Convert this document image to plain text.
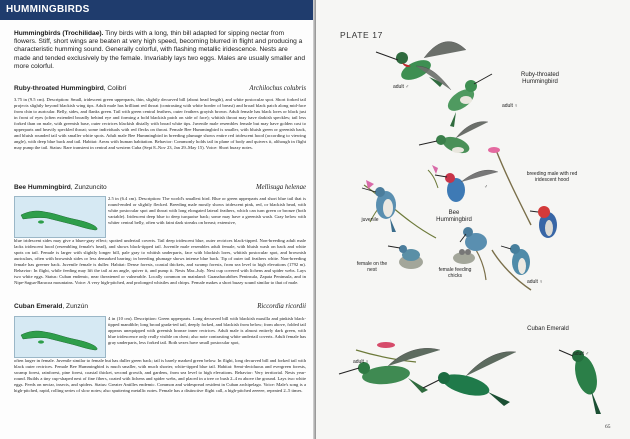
HUMMINGBIRDS
Hummingbirds (Trochilidae). Tiny birds with a long, thin bill adapted for sipping nectar from flowers. Stiff, short wings are beaten at very high speed, becoming blurred in flight and producing a characteristic humming sound. Generally colorful, with flashing metallic iridescence. Nests are made and tended exclusively by the female. Invariably lays two eggs. Males are usually smaller and more colorful.
Ruby-throated Hummingbird, Colibrí	Archilochus colubris
3.75 in (9.5 cm). Description: Small, iridescent green upperparts, thin, slightly decurved bill (about head length), and white postocular spot. Short forked tail projects slightly beyond blackish wing tips. Adult male has brilliant red throat (contrasting with white border of breast) and broad black patch along mid-face from chin to auricular. Belly, sides, and flanks green. Tail with green central feathers, outer feathers grayish brown. Adult female has black lores or black just in front of eyes (often extended broadly behind eye and forming a bold blackish patch on side of face); whitish throat may have darkish speckles; tail less forked than on male, with greenish base, outer rectrices blackish distally with broad white tips. Juvenile male resembles female but may have golden cast to upperparts and heavily speckled throat; some individuals with red flecks on throat. Female Bee Hummingbird is smaller, with bluish green or greenish back, and bluish rounded tail with smaller white spots. Adult male Bee Hummingbird in breeding plumage shows entire red iridescent hood (according to viewing angle), with deep blue back and tail. Habitat: Areas with human habitation. Behavior: Commonly holds tail in plane of body and quivers it, although in flight may pump the tail. Status: Rare transient in central and western Cuba (Sept 8–Nov 23, Jan 29–May 15). Voice: Short buzzy notes.
Bee Hummingbird, Zunzuncito	Mellisuga helenae
2.5 in (6.4 cm). Description: The world's smallest bird. Blue or green upperparts and short blue tail that is round-ended or slightly flecked. Breeding male mostly shows iridescent pink, red, or blackish head, with white postocular spot and throat with long elongated lateral feathers, which can turn green or bronze (both variable). Iridescent deep blue to deep turquoise back; some may have a greenish wash. Gray below with whiter central belly, often with faint dark streaks on breast; extensive,
blue iridescent sides may give a bluer-gray effect; spotted undertail coverts. Tail deep iridescent blue, outer rectrices black-tipped. Non-breeding adult male lacks iridescent hood (resembling female's head), and shows black-tipped tail. Juvenile male resembles adult female, with bluish wash on back and white spots on tail. Female is larger with slightly longer bill, pale gray to whitish underparts, face with blackish lores, whitish postocular spot, and brownish auriculars, often with brownish sides or less demarked barring; in breeding plumage shows intense blue back. Tip of outer tail feathers white. Non-breeding female has greener back. Juvenile female is duller. Habitat: Dense forests, coastal thickets, and swamp forests, from sea level to high elevations (1792 m). Behavior: In flight, while feeding may lift the tail at an angle, quiver it, and pump it. Nests Mar–July. Nest cup covered with lichens and spider webs. Lays two white eggs. Status: Cuban endemic, near threatened or vulnerable. Locally common on mainland: Guanahacabibes Peninsula, Zapata Peninsula, and in Nipe-Sagua-Baracoa mountains. Voice: A very high-pitched, and prolonged whistles and chirps. Female makes a short buzzy sound similar to that of male.
Cuban Emerald, Zunzún	Riccordia ricordii
4 in (10 cm). Description: Green upperparts. Long decurved bill with blackish maxilla and pinkish black-tipped mandible; long broad grada-ted tail, deeply forked, and blackish from below; from above, folded tail appears unequipped with greenish bronze inner rectrices. Adult male is almost entirely dark green, with blue iridescence only really visible on chest; also note contrasting white undertail coverts. Adult female has gray underparts, less forked tail. Both sexes have small postocular spot,
often larger in female. Juvenile similar to female but has duller green back; tail is barely marked green below. In flight, long decurved bill and forked tail with black outer rectrices. Female Bee Hummingbird is much smaller, with much shorter, white-tipped blue tail. Habitat: Semi-deciduous and evergreen forests, swamp forest, rainforest, pine forest, coastal thicket, second growth, and gardens, from sea level to high elevations. Behavior: Very territorial. Nests year-round. Builds a tiny cup-shaped nest of fine fibers, coated with lichens and spider webs, and placed in a tree or bush 2–4 m above the ground. Lays two white eggs. Feeds on nectar, insects, and spiders. Status: Greater Antilles endemic. Common and widespread resident in Cuban archipelago. Voice: Male's song is a high-pitched, rapid, rolling series of slow notes; also sputtering metallic notes. Female has a distinctive flight call, a high-pitched zeeeee, repeated 2–5 times.
PLATE 17
Ruby-throated Hummingbird
adult ♂
adult ♀
breeding male with red iridescent hood
juvenile
♂
Bee Hummingbird
female on the nest	female feeding chicks
adult ♀
Cuban Emerald
adult ♀
adult ♂
65
